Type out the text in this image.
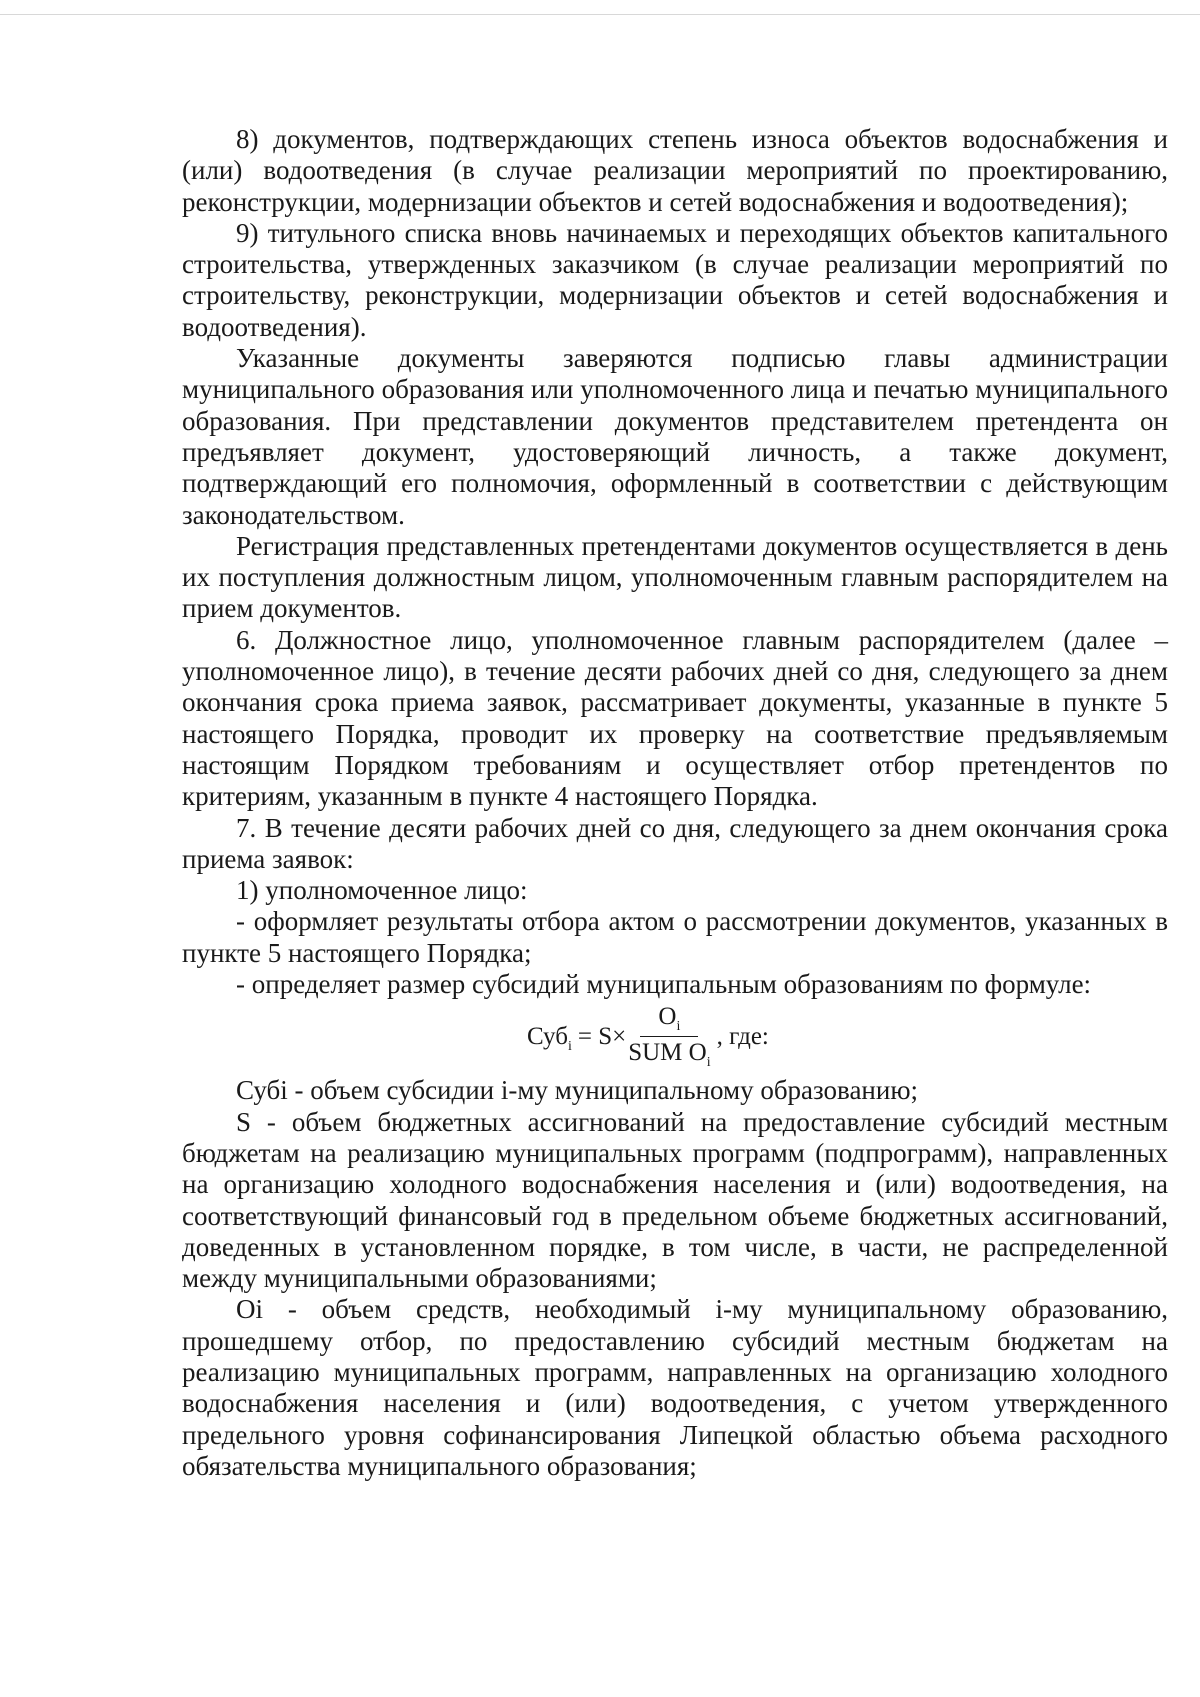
8) документов, подтверждающих степень износа объектов водоснабжения и (или) водоотведения (в случае реализации мероприятий по проектированию, реконструкции, модернизации объектов и сетей водоснабжения и водоотведения);

9) титульного списка вновь начинаемых и переходящих объектов капитального строительства, утвержденных заказчиком (в случае реализации мероприятий по строительству, реконструкции, модернизации объектов и сетей водоснабжения и водоотведения).

Указанные документы заверяются подписью главы администрации муниципального образования или уполномоченного лица и печатью муниципального образования. При представлении документов представителем претендента он предъявляет документ, удостоверяющий личность, а также документ, подтверждающий его полномочия, оформленный в соответствии с действующим законодательством.

Регистрация представленных претендентами документов осуществляется в день их поступления должностным лицом, уполномоченным главным распорядителем на прием документов.

6. Должностное лицо, уполномоченное главным распорядителем (далее – уполномоченное лицо), в течение десяти рабочих дней со дня, следующего за днем окончания срока приема заявок, рассматривает документы, указанные в пункте 5 настоящего Порядка, проводит их проверку на соответствие предъявляемым настоящим Порядком требованиям и осуществляет отбор претендентов по критериям, указанным в пункте 4 настоящего Порядка.

7. В течение десяти рабочих дней со дня, следующего за днем окончания срока приема заявок:

1) уполномоченное лицо:

- оформляет результаты отбора актом о рассмотрении документов, указанных в пункте 5 настоящего Порядка;

- определяет размер субсидий муниципальным образованиям по формуле:

$Суб_i = S\times \frac{O_i}{SUM O_i}$ , где:

Субі - объем субсидии і-му муниципальному образованию;

S - объем бюджетных ассигнований на предоставление субсидий местным бюджетам на реализацию муниципальных программ (подпрограмм), направленных на организацию холодного водоснабжения населения и (или) водоотведения, на соответствующий финансовый год в предельном объеме бюджетных ассигнований, доведенных в установленном порядке, в том числе, в части, не распределенной между муниципальными образованиями;

Oi - объем средств, необходимый і-му муниципальному образованию, прошедшему отбор, по предоставлению субсидий местным бюджетам на реализацию муниципальных программ, направленных на организацию холодного водоснабжения населения и (или) водоотведения, с учетом утвержденного предельного уровня софинансирования Липецкой областью объема расходного обязательства муниципального образования;
